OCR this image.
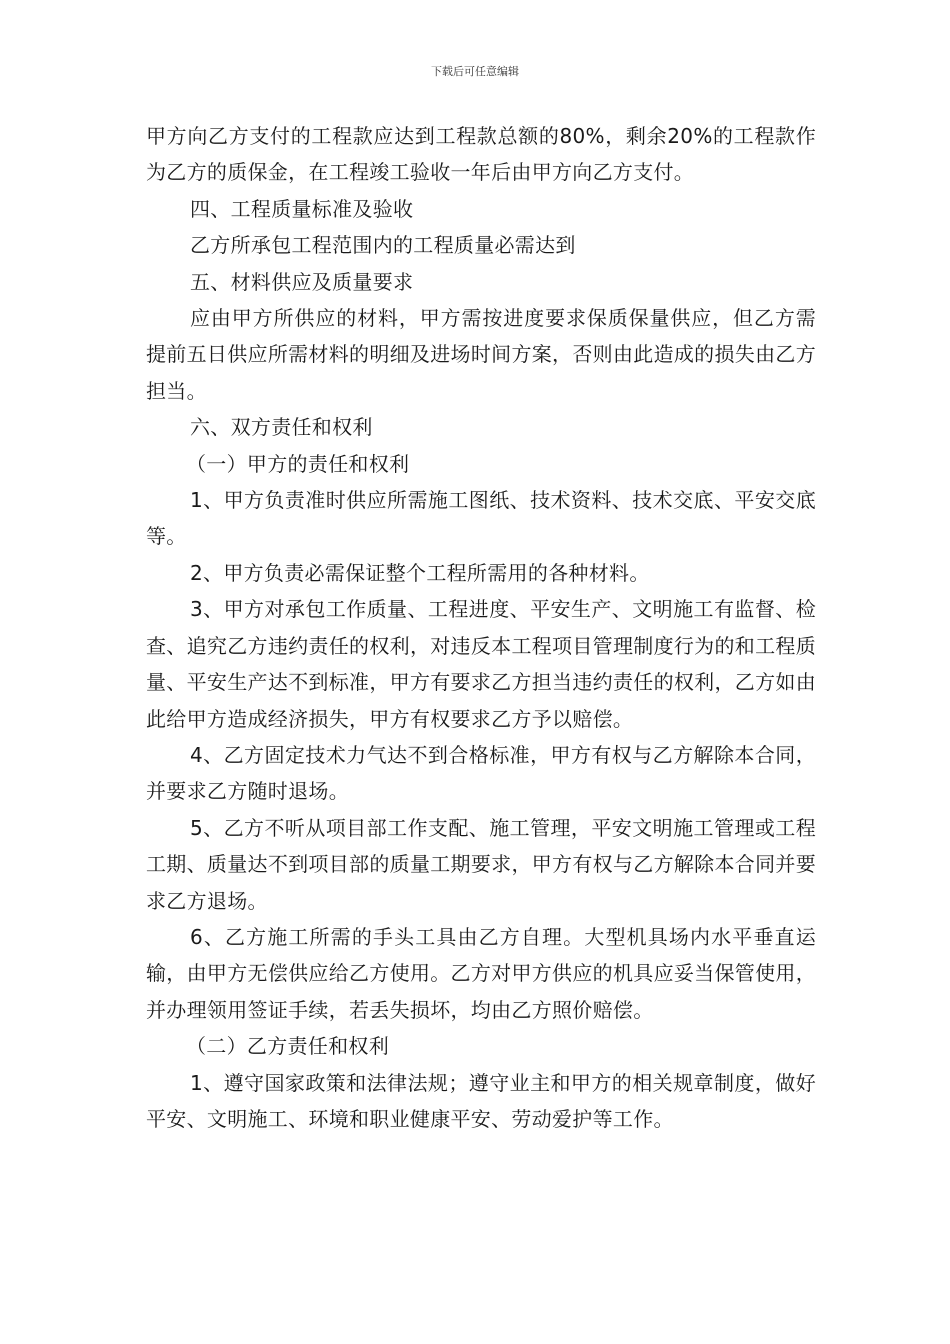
下载后可任意编辑

甲方向乙方支付的工程款应达到工程款总额的80%，剩余20%的工程款作为乙方的质保金，在工程竣工验收一年后由甲方向乙方支付。

四、工程质量标准及验收

乙方所承包工程范围内的工程质量必需达到

五、材料供应及质量要求

应由甲方所供应的材料，甲方需按进度要求保质保量供应，但乙方需提前五日供应所需材料的明细及进场时间方案，否则由此造成的损失由乙方担当。

六、双方责任和权利

（一）甲方的责任和权利

1、甲方负责准时供应所需施工图纸、技术资料、技术交底、平安交底等。

2、甲方负责必需保证整个工程所需用的各种材料。

3、甲方对承包工作质量、工程进度、平安生产、文明施工有监督、检查、追究乙方违约责任的权利，对违反本工程项目管理制度行为的和工程质量、平安生产达不到标准，甲方有要求乙方担当违约责任的权利，乙方如由此给甲方造成经济损失，甲方有权要求乙方予以赔偿。

4、乙方固定技术力气达不到合格标准，甲方有权与乙方解除本合同，并要求乙方随时退场。

5、乙方不听从项目部工作支配、施工管理，平安文明施工管理或工程工期、质量达不到项目部的质量工期要求，甲方有权与乙方解除本合同并要求乙方退场。

6、乙方施工所需的手头工具由乙方自理。大型机具场内水平垂直运输，由甲方无偿供应给乙方使用。乙方对甲方供应的机具应妥当保管使用，并办理领用签证手续，若丢失损坏，均由乙方照价赔偿。

（二）乙方责任和权利

1、遵守国家政策和法律法规；遵守业主和甲方的相关规章制度，做好平安、文明施工、环境和职业健康平安、劳动爱护等工作。
